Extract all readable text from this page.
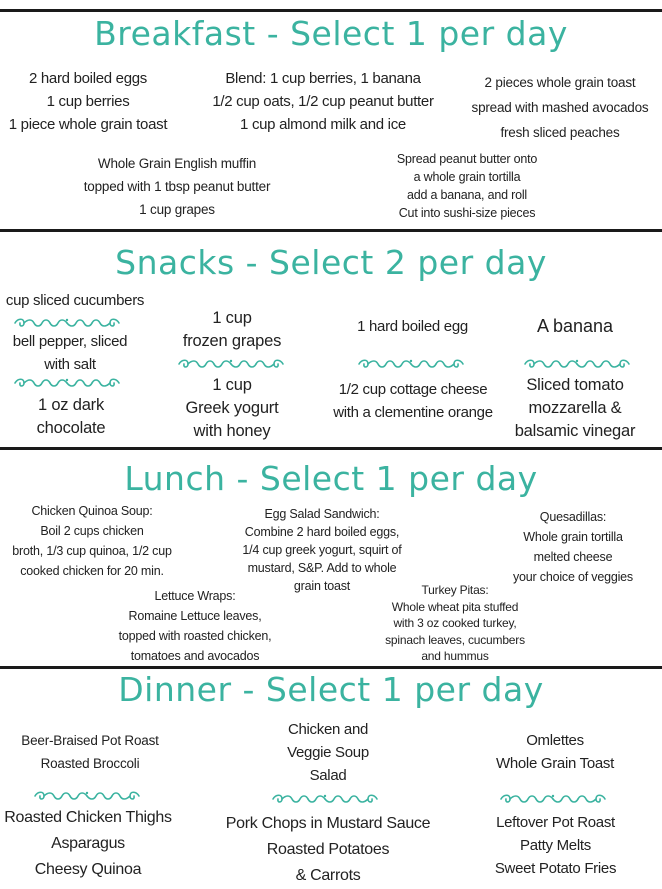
Breakfast - Select 1 per day
2 hard boiled eggs
1 cup berries
1 piece whole grain toast
Blend: 1 cup berries, 1 banana
1/2 cup oats, 1/2 cup peanut butter
1 cup almond milk and ice
2 pieces whole grain toast
spread with mashed avocados
fresh sliced peaches
Whole Grain English muffin
topped with 1 tbsp peanut butter
1 cup grapes
Spread peanut butter onto
a whole grain tortilla
add a banana, and roll
Cut into sushi-size pieces
Snacks - Select 2 per day
cup sliced cucumbers
bell pepper, sliced
with salt
1 oz dark
chocolate
1 cup
frozen grapes
1 cup
Greek yogurt
with honey
1 hard boiled egg
1/2 cup cottage cheese
with a clementine orange
A banana
Sliced tomato
mozzarella &
balsamic vinegar
Lunch - Select 1 per day
Chicken Quinoa Soup:
Boil 2 cups chicken
broth, 1/3 cup quinoa, 1/2 cup
cooked chicken for 20 min.
Egg Salad Sandwich:
Combine 2 hard boiled eggs,
1/4 cup greek yogurt, squirt of
mustard, S&P. Add to whole
grain toast
Quesadillas:
Whole grain tortilla
melted cheese
your choice of veggies
Lettuce Wraps:
Romaine Lettuce leaves,
topped with roasted chicken,
tomatoes and avocados
Turkey Pitas:
Whole wheat pita stuffed
with 3 oz cooked turkey,
spinach leaves, cucumbers
and hummus
Dinner - Select 1 per day
Beer-Braised Pot Roast
Roasted Broccoli
Chicken and
Veggie Soup
Salad
Omlettes
Whole Grain Toast
Roasted Chicken Thighs
Asparagus
Cheesy Quinoa
Pork Chops in Mustard Sauce
Roasted Potatoes
& Carrots
Leftover Pot Roast
Patty Melts
Sweet Potato Fries
